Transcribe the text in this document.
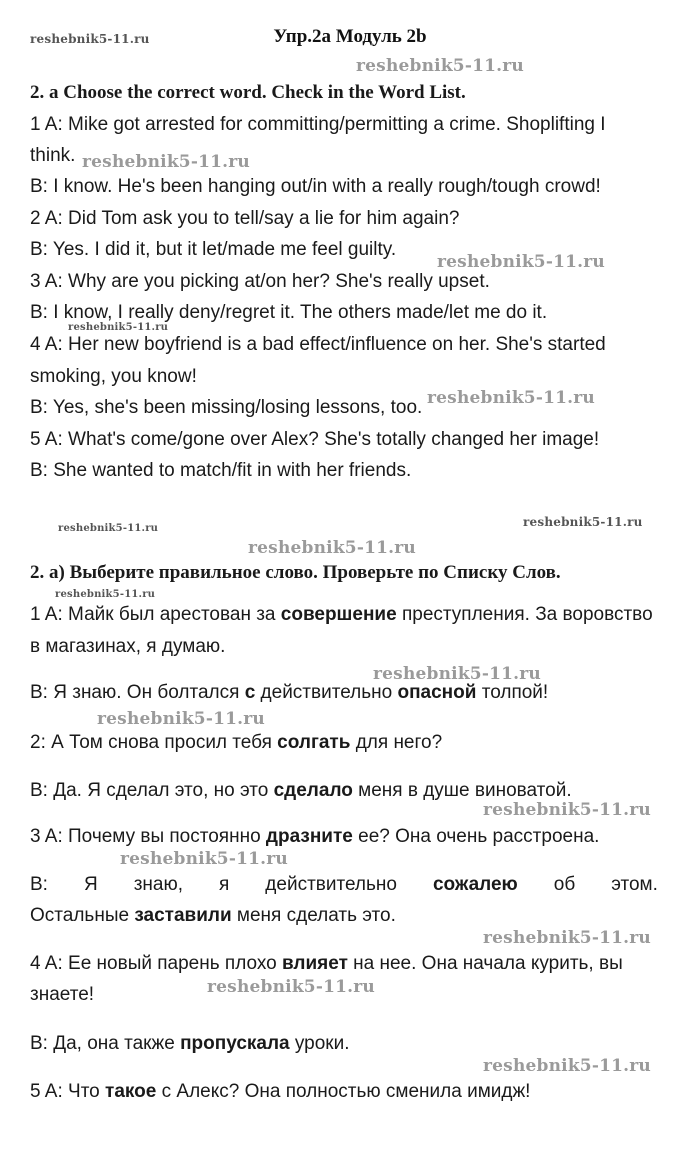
reshebnik5-11.ru	Упр.2а Модуль 2b

reshebnik5-11.ru

reshebnik5-11.ru

reshebnik5-11.ru

reshebnik5-11.ru

reshebnik5-11.ru

reshebnik5-11.ru	reshebnik5-11.ru

reshebnik5-11.ru

reshebnik5-11.ru

reshebnik5-11.ru

reshebnik5-11.ru

reshebnik5-11.ru

reshebnik5-11.ru

reshebnik5-11.ru

reshebnik5-11.ru

reshebnik5-11.ru

2. a Choose the correct word. Check in the Word List.

1 A: Mike got arrested for committing/permitting a crime. Shoplifting I

think.

B: I know. He's been hanging out/in with a really rough/tough crowd!

2 A: Did Tom ask you to tell/say a lie for him again?

B: Yes. I did it, but it let/made me feel guilty.

3 A: Why are you picking at/on her? She's really upset.

B: I know, I really deny/regret it. The others made/let me do it.

4 A: Her new boyfriend is a bad effect/influence on her. She's started

smoking, you know!

B: Yes, she's been missing/losing lessons, too.

5 A: What's come/gone over Alex? She's totally changed her image!

B: She wanted to match/fit in with her friends.

2. а) Выберите правильное слово. Проверьте по Списку Слов.

1 A: Майк был арестован за совершение преступления. За воровство

в магазинах, я думаю.

B: Я знаю. Он болтался с действительно опасной толпой!

2: А Том снова просил тебя солгать для него?

B: Да. Я сделал это, но это сделало меня в душе виноватой.

3 A: Почему вы постоянно дразните ее? Она очень расстроена.

B: Я знаю, я действительно сожалею об этом.

Остальные заставили меня сделать это.

4 A: Ее новый парень плохо влияет на нее. Она начала курить, вы

знаете!

B: Да, она также пропускала уроки.

5 A: Что такое с Алекс? Она полностью сменила имидж!
